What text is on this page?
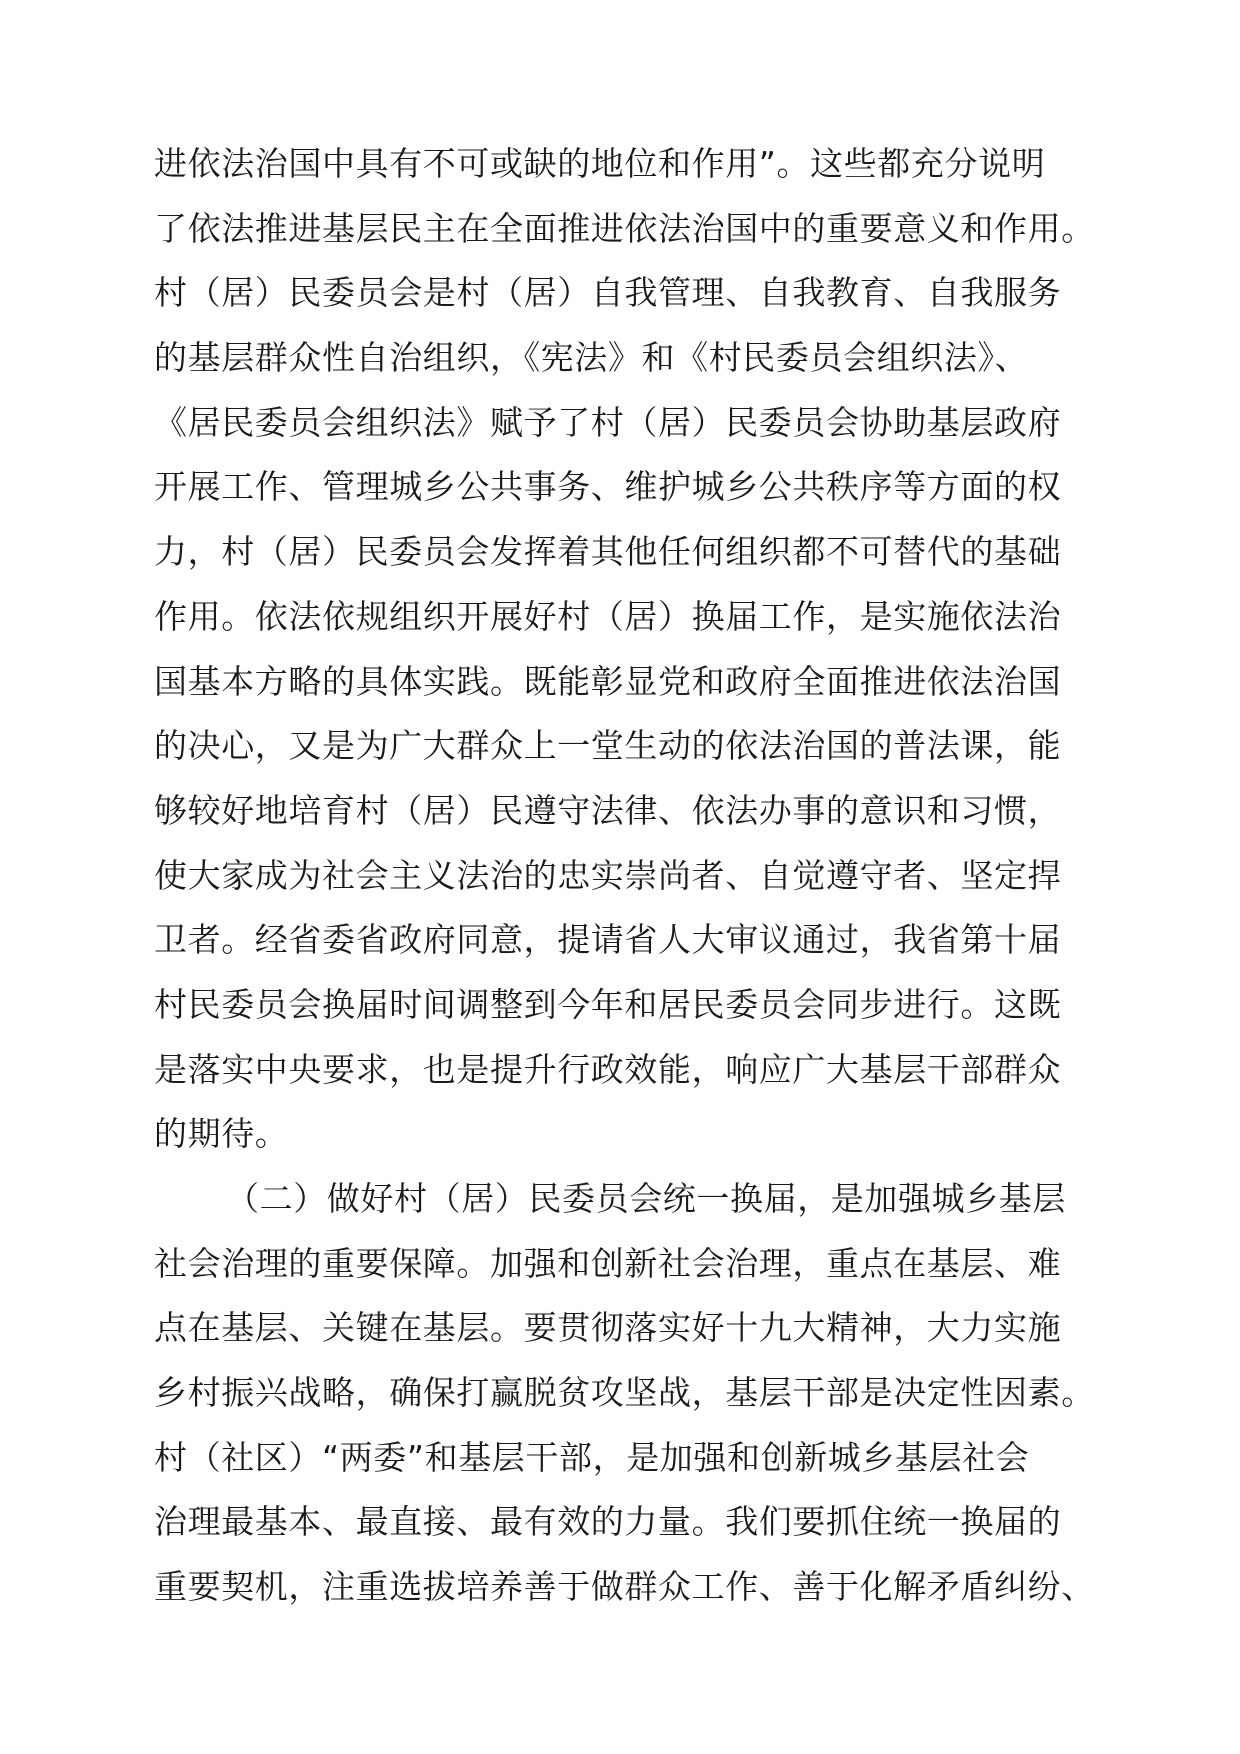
进依法治国中具有不可或缺的地位和作用”。这些都充分说明
了依法推进基层民主在全面推进依法治国中的重要意义和作用。
村（居）民委员会是村（居）自我管理、自我教育、自我服务
的基层群众性自治组织，《宪法》和《村民委员会组织法》、
《居民委员会组织法》赋予了村（居）民委员会协助基层政府
开展工作、管理城乡公共事务、维护城乡公共秩序等方面的权
力，村（居）民委员会发挥着其他任何组织都不可替代的基础
作用。依法依规组织开展好村（居）换届工作，是实施依法治
国基本方略的具体实践。既能彰显党和政府全面推进依法治国
的决心，又是为广大群众上一堂生动的依法治国的普法课，能
够较好地培育村（居）民遵守法律、依法办事的意识和习惯，
使大家成为社会主义法治的忠实崇尚者、自觉遵守者、坚定捍
卫者。经省委省政府同意，提请省人大审议通过，我省第十届
村民委员会换届时间调整到今年和居民委员会同步进行。这既
是落实中央要求，也是提升行政效能，响应广大基层干部群众
的期待。
（二）做好村（居）民委员会统一换届，是加强城乡基层
社会治理的重要保障。加强和创新社会治理，重点在基层、难
点在基层、关键在基层。要贯彻落实好十九大精神，大力实施
乡村振兴战略，确保打赢脱贫攻坚战，基层干部是决定性因素。
村（社区）“两委”和基层干部，是加强和创新城乡基层社会
治理最基本、最直接、最有效的力量。我们要抓住统一换届的
重要契机，注重选拔培养善于做群众工作、善于化解矛盾纠纷、
